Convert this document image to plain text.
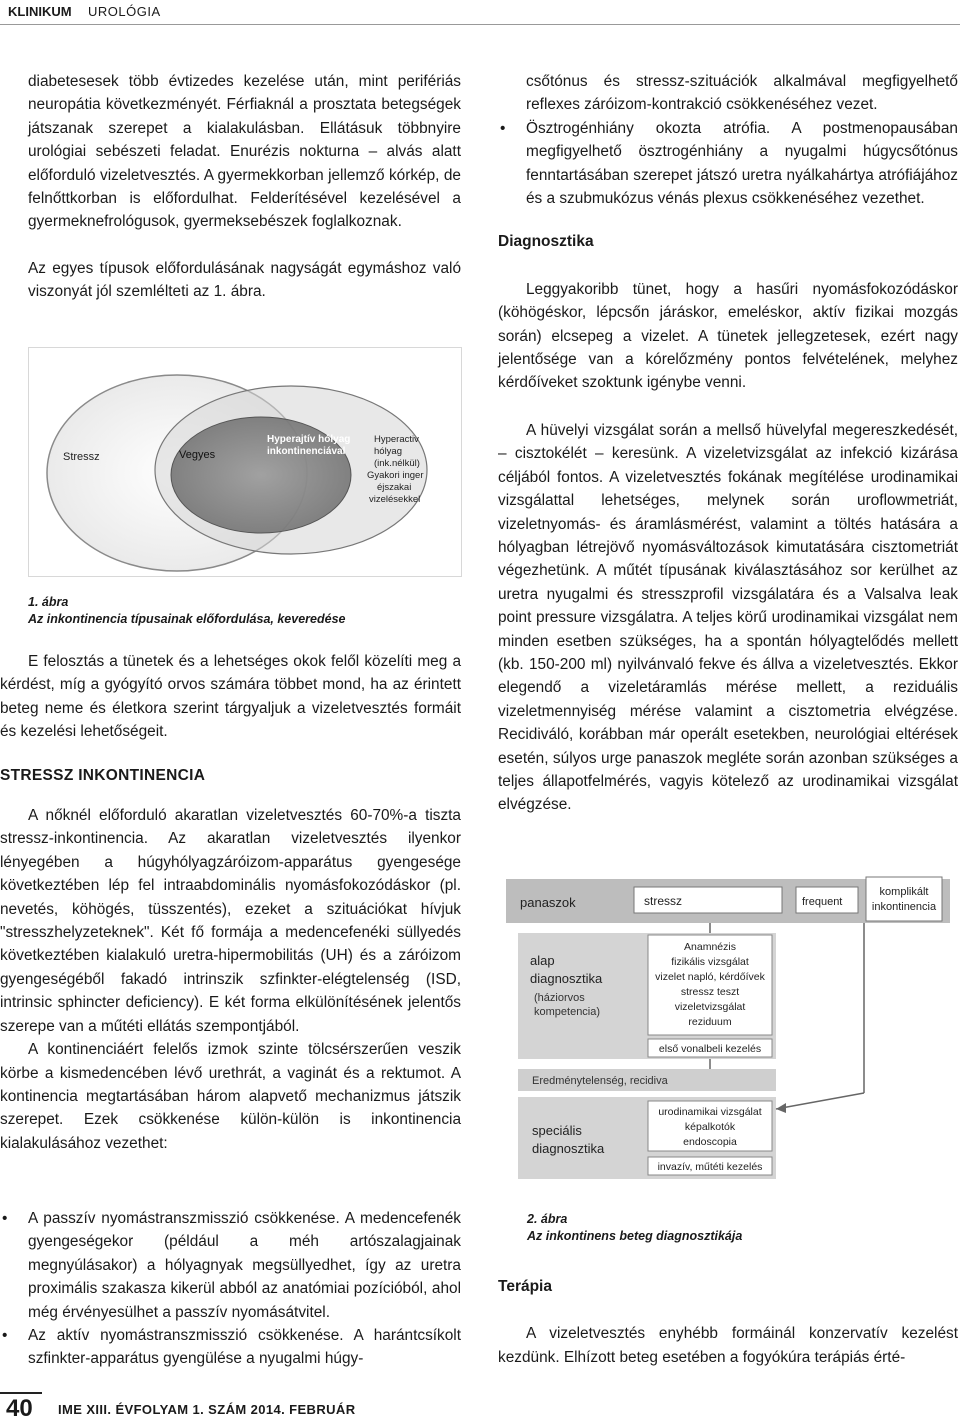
KLINIKUM UROLÓGIA

diabetesesek több évtizedes kezelése után, mint perifériás neuropátia következményét. Férfiaknál a prosztata betegségek játszanak szerepet a kialakulásban. Ellátásuk többnyire urológiai sebészeti feladat. Enurézis nokturna – alvás alatt előforduló vizeletvesztés. A gyermekkorban jellemző kórkép, de felnőttkorban is előfordulhat. Felderítésével kezelésével a gyermeknefrológusok, gyermeksebészek foglalkoznak.

Az egyes típusok előfordulásának nagyságát egymáshoz való viszonyát jól szemlélteti az 1. ábra.

Stressz	Vegyes
Hyperajtív hólyag
inkontinenciával
Hyperactiv
hólyag
(ink.nélkül)
Gyakori inger
éjszakai
vizelésekkel
1. ábra
Az inkontinencia típusainak előfordulása, keveredése

E felosztás a tünetek és a lehetséges okok felől közelíti meg a kérdést, míg a gyógyító orvos számára többet mond, ha az érintett beteg neme és életkora szerint tárgyaljuk a vizeletvesztés formáit és kezelési lehetőségeit.

STRESSZ INKONTINENCIA

A nőknél előforduló akaratlan vizeletvesztés 60-70%-a tiszta stressz-inkontinencia. Az akaratlan vizeletvesztés ilyenkor lényegében a húgyhólyagzáróizom-apparátus gyengesége következtében lép fel intraabdominális nyomásfokozódáskor (pl. nevetés, köhögés, tüsszentés), ezeket a szituációkat hívjuk "stresszhelyzeteknek". Két fő formája a medencefenéki süllyedés következtében kialakuló uretra-hipermobilitás (UH) és a záróizom gyengeségéből fakadó intrinszik szfinkter-elégtelenség (ISD, intrinsic sphincter deficiency). E két forma elkülönítésének jelentős szerepe van a műtéti ellátás szempontjából.

A kontinenciáért felelős izmok szinte tölcsérszerűen veszik körbe a kismedencében lévő urethrát, a vaginát és a rektumot. A kontinencia megtartásában három alapvető mechanizmus játszik szerepet. Ezek csökkenése külön-külön is inkontinencia kialakulásához vezethet:

• A passzív nyomástranszmisszió csökkenése. A medencefenék gyengeségekor (például a méh artószalagjainak megnyúlásakor) a hólyagnyak megsüllyedhet, így az uretra proximális szakasza kikerül abból az anatómiai pozícióból, ahol még érvényesülhet a passzív nyomásátvitel.
• Az aktív nyomástranszmisszió csökkenése. A harántcsíkolt szfinkter-apparátus gyengülése a nyugalmi húgy-

csőtónus és stressz-szituációk alkalmával megfigyelhető reflexes záróizom-kontrakció csökkenéséhez vezet.

• Ösztrogénhiány okozta atrófia. A postmenopausában megfigyelhető ösztrogénhiány a nyugalmi húgycsőtónus fenntartásában szerepet játszó uretra nyálkahártya atrófiájához és a szubmukózus vénás plexus csökkenéséhez vezethet.
Diagnosztika

Leggyakoribb tünet, hogy a hasűri nyomásfokozódáskor (köhögéskor, lépcsőn járáskor, emeléskor, aktív fizikai mozgás során) elcsepeg a vizelet. A tünetek jellegzetesek, ezért nagy jelentősége van a kórelőzmény pontos felvételének, melyhez kérdőíveket szoktunk igénybe venni.

A hüvelyi vizsgálat során a mellső hüvelyfal megereszkedését, – cisztokélét – keresünk. A vizeletvizsgálat az infekció kizárása céljából fontos. A vizeletvesztés fokának megítélése urodinamikai vizsgálattal lehetséges, melynek során uroflowmetriát, vizeletnyomás- és áramlásmérést, valamint a töltés hatására a hólyagban létrejövő nyomásváltozások kimutatására cisztometriát végezhetünk. A műtét típusának kiválasztásához sor kerülhet az uretra nyugalmi és stresszprofil vizsgálatára és a Valsalva leak point pressure vizsgálatra. A teljes körű urodinamikai vizsgálat nem minden esetben szükséges, ha a spontán hólyagtelődés mellett (kb. 150-200 ml) nyilvánvaló fekve és állva a vizeletvesztés. Ekkor elegendő a vizeletáramlás mérése mellett, a reziduális vizeletmennyiség mérése valamint a cisztometria elvégzése. Recidiváló, korábban már operált esetekben, neurológiai eltérések esetén, súlyos urge panaszok megléte során azonban szükséges a teljes állapotfelmérés, vagyis kötelező az urodinamikai vizsgálat elvégzése.

panaszok	stressz	frequent
komplikált
inkontinencia
alap
diagnosztika
(háziorvos
kompetencia)
Anamnézis
fizikális vizsgálat
vizelet napló, kérdőívek
stressz teszt
vizeletvizsgálat
reziduum
első vonalbeli kezelés
Eredménytelenség, recidiva
speciális
diagnosztika
urodinamikai vizsgálat
képalkotók
endoscopia
invazív, műtéti kezelés
2. ábra
Az inkontinens beteg diagnosztikája
Terápia

A vizeletvesztés enyhébb formáinál konzervatív kezelést kezdünk. Elhízott beteg esetében a fogyókúra terápiás érté-

40 IME XIII. ÉVFOLYAM 1. SZÁM 2014. FEBRUÁR
